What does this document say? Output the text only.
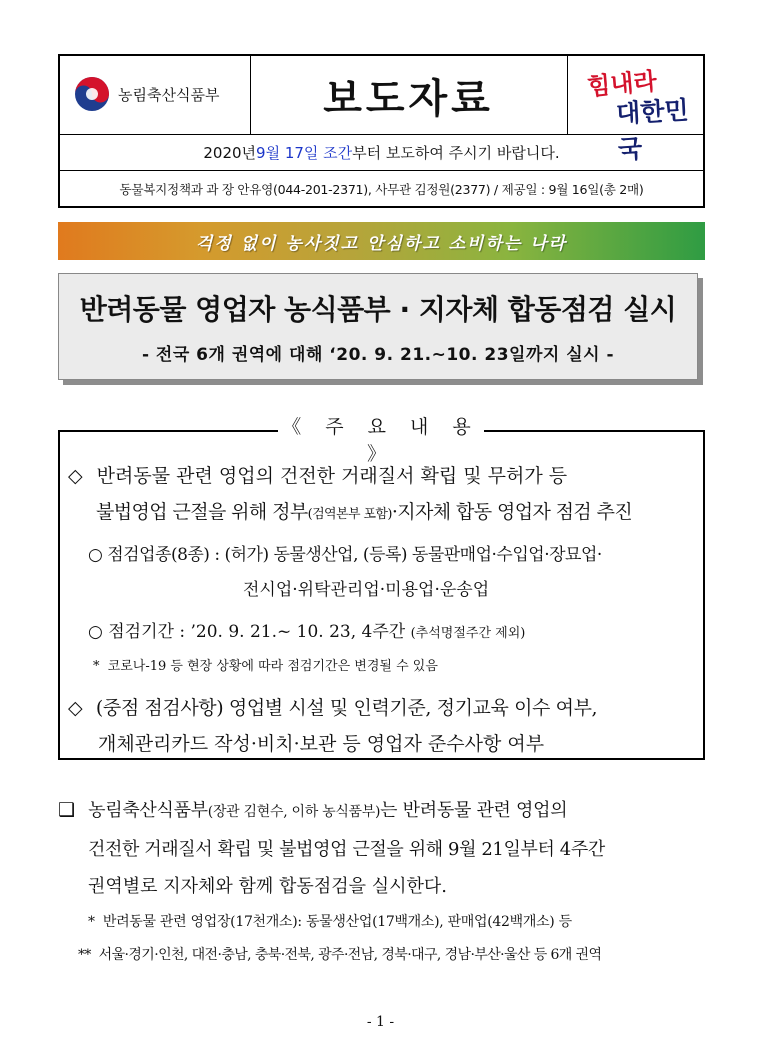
농림축산식품부	보도자료	힘내라
대한민국
2020년 9월 17일 조간 부터 보도하여 주시기 바랍니다.
동물복지정책과 과 장 안유영(044-201-2371), 사무관 김정원(2377) / 제공일 : 9월 16일(총 2매)
걱정 없이 농사짓고 안심하고 소비하는 나라
반려동물 영업자 농식품부 · 지자체 합동점검 실시
- 전국 6개 권역에 대해 ‘20. 9. 21.~10. 23일까지 실시 -
《 주 요 내 용 》
◇ 반려동물 관련 영업의 건전한 거래질서 확립 및 무허가 등
불법영업 근절을 위해 정부(검역본부 포함)·지자체 합동 영업자 점검 추진
○ 점검업종(8종) : (허가) 동물생산업, (등록) 동물판매업·수입업·장묘업·
전시업·위탁관리업·미용업·운송업
○ 점검기간 : ’20. 9. 21.~ 10. 23, 4주간 (추석명절주간 제외)
* 코로나-19 등 현장 상황에 따라 점검기간은 변경될 수 있음
◇ (중점 점검사항) 영업별 시설 및 인력기준, 정기교육 이수 여부,
개체관리카드 작성·비치·보관 등 영업자 준수사항 여부
❑ 농림축산식품부(장관 김현수, 이하 농식품부)는 반려동물 관련 영업의
건전한 거래질서 확립 및 불법영업 근절을 위해 9월 21일부터 4주간
권역별로 지자체와 함께 합동점검을 실시한다.
* 반려동물 관련 영업장(17천개소): 동물생산업(17백개소), 판매업(42백개소) 등
** 서울·경기·인천, 대전·충남, 충북·전북, 광주·전남, 경북·대구, 경남·부산·울산 등 6개 권역
- 1 -
